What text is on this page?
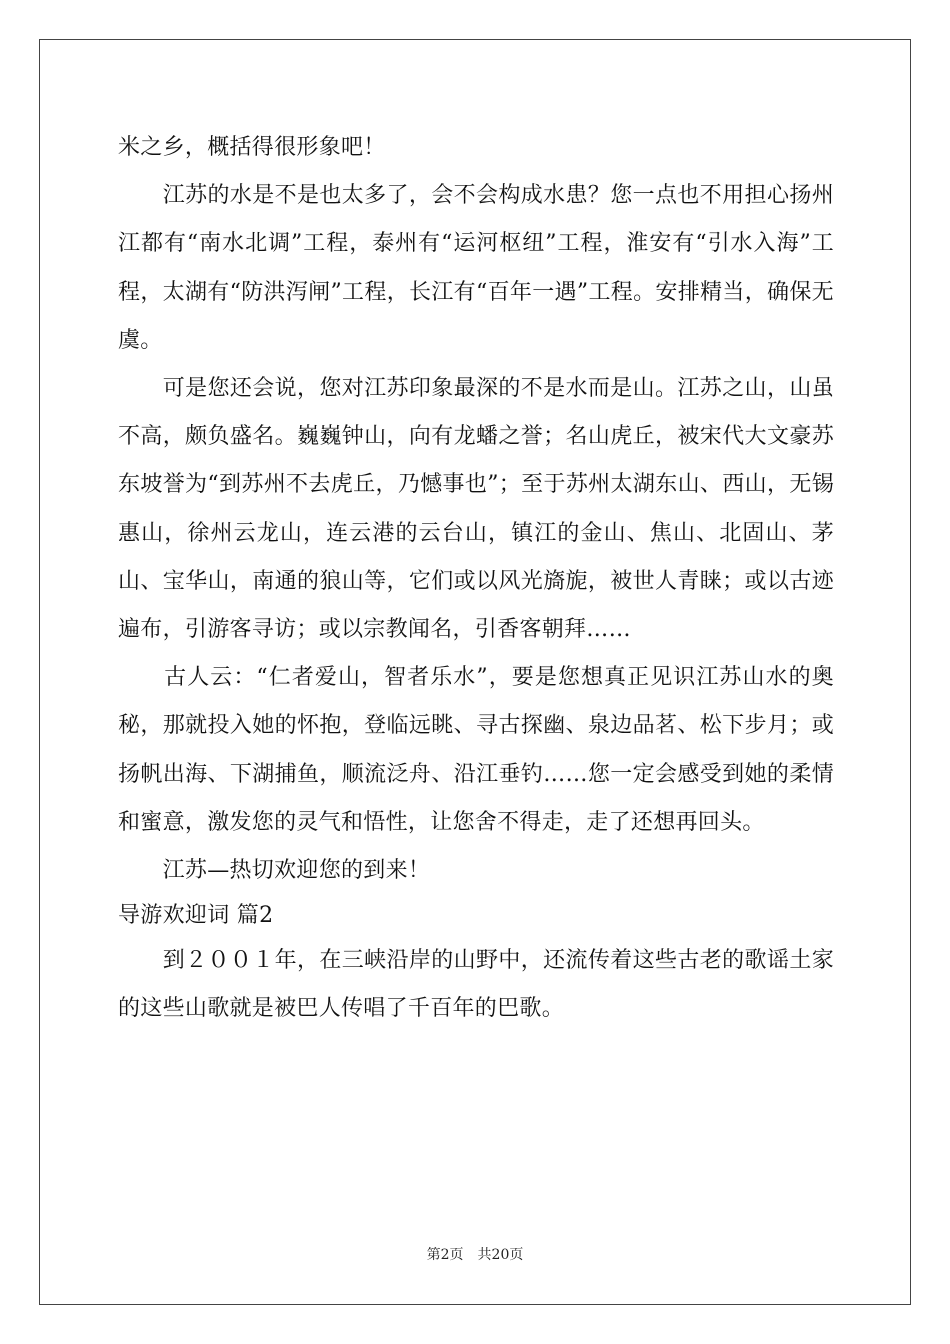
米之乡，概括得很形象吧！

　　江苏的水是不是也太多了，会不会构成水患？您一点也不用担心扬州江都有“南水北调”工程，泰州有“运河枢纽”工程，淮安有“引水入海”工程，太湖有“防洪泻闸”工程，长江有“百年一遇”工程。安排精当，确保无虞。

　　可是您还会说，您对江苏印象最深的不是水而是山。江苏之山，山虽不高，颇负盛名。巍巍钟山，向有龙蟠之誉；名山虎丘，被宋代大文豪苏东坡誉为“到苏州不去虎丘，乃憾事也”；至于苏州太湖东山、西山，无锡惠山，徐州云龙山，连云港的云台山，镇江的金山、焦山、北固山、茅山、宝华山，南通的狼山等，它们或以风光旖旎，被世人青睐；或以古迹遍布，引游客寻访；或以宗教闻名，引香客朝拜……

　　古人云：“仁者爱山，智者乐水”，要是您想真正见识江苏山水的奥秘，那就投入她的怀抱，登临远眺、寻古探幽、泉边品茗、松下步月；或扬帆出海、下湖捕鱼，顺流泛舟、沿江垂钓……您一定会感受到她的柔情和蜜意，激发您的灵气和悟性，让您舍不得走，走了还想再回头。

　　江苏—热切欢迎您的到来！

导游欢迎词 篇2

　　到２００１年，在三峡沿岸的山野中，还流传着这些古老的歌谣土家的这些山歌就是被巴人传唱了千百年的巴歌。

第2页　共20页
